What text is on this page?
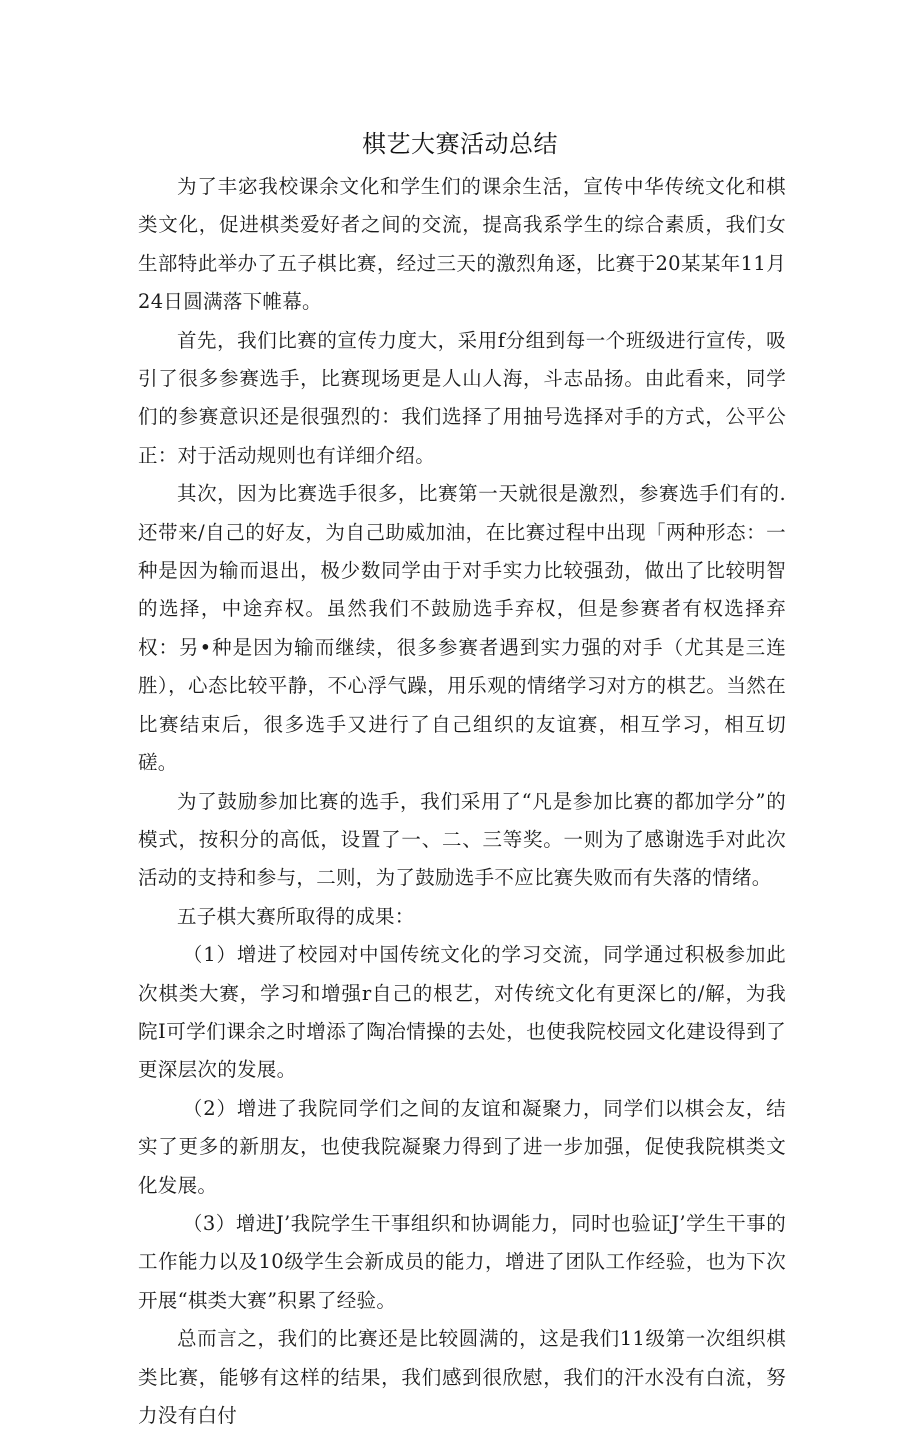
棋艺大赛活动总结

为了丰宓我校课余文化和学生们的课余生活，宣传中华传统文化和棋类文化，促进棋类爱好者之间的交流，提高我系学生的综合素质，我们女生部特此举办了五子棋比赛，经过三天的激烈角逐，比赛于20某某年11月24日圆满落下帷幕。

首先，我们比赛的宣传力度大，采用f分组到每一个班级进行宣传，吸引了很多参赛选手，比赛现场更是人山人海，斗志品扬。由此看来，同学们的参赛意识还是很强烈的：我们选择了用抽号选择对手的方式，公平公正：对于活动规则也有详细介绍。

其次，因为比赛选手很多，比赛第一天就很是激烈，参赛选手们有的.还带来/自己的好友，为自己助威加油，在比赛过程中出现「两种形态：一种是因为输而退出，极少数同学由于对手实力比较强劲，做出了比较明智的选择，中途弃权。虽然我们不鼓励选手弃权，但是参赛者有权选择弃权：另•种是因为输而继续，很多参赛者遇到实力强的对手（尤其是三连胜），心态比较平静，不心浮气躁，用乐观的情绪学习对方的棋艺。当然在比赛结束后，很多选手又进行了自己组织的友谊赛，相互学习，相互切磋。

为了鼓励参加比赛的选手，我们采用了“凡是参加比赛的都加学分”的模式，按积分的高低，设置了一、二、三等奖。一则为了感谢选手对此次活动的支持和参与，二则，为了鼓励选手不应比赛失败而有失落的情绪。

五子棋大赛所取得的成果：

（1）增进了校园对中国传统文化的学习交流，同学通过积极参加此次棋类大赛，学习和增强r自己的根艺，对传统文化有更深匕的/解，为我院I可学们课余之时增添了陶冶情操的去处，也使我院校园文化建设得到了更深层次的发展。

（2）增进了我院同学们之间的友谊和凝聚力，同学们以棋会友，结实了更多的新朋友，也使我院凝聚力得到了进一步加强，促使我院棋类文化发展。

（3）增进J’我院学生干事组织和协调能力，同时也验证J’学生干事的工作能力以及10级学生会新成员的能力，增进了团队工作经验，也为下次开展“棋类大赛”积累了经验。

总而言之，我们的比赛还是比较圆满的，这是我们11级第一次组织棋类比赛，能够有这样的结果，我们感到很欣慰，我们的汗水没有白流，努力没有白付
